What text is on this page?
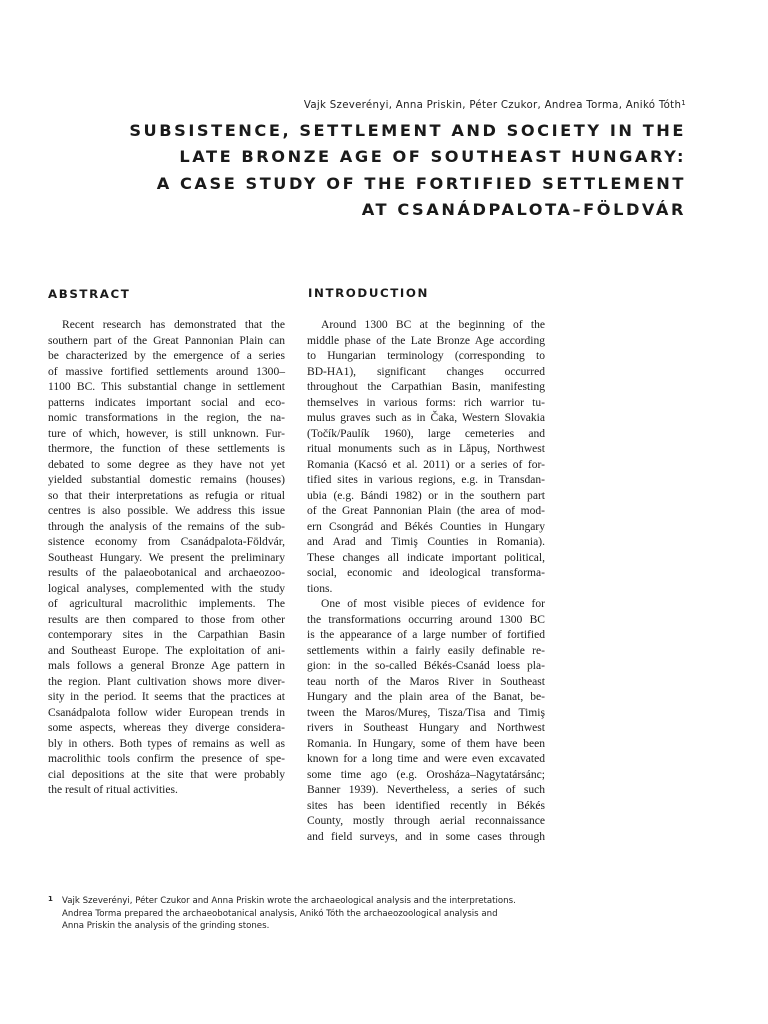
Vajk Szeverényi, Anna Priskin, Péter Czukor, Andrea Torma, Anikó Tóth$^1$
SUBSISTENCE, SETTLEMENT AND SOCIETY IN THE
LATE BRONZE AGE OF SOUTHEAST HUNGARY:
A CASE STUDY OF THE FORTIFIED SETTLEMENT
AT CSANÁDPALOTA–FÖLDVÁR
ABSTRACT	INTRODUCTION
Recent research has demonstrated that the
southern part of the Great Pannonian Plain can
be characterized by the emergence of a series
of massive fortified settlements around 1300–
1100 BC. This substantial change in settlement
patterns indicates important social and eco-
nomic transformations in the region, the na-
ture of which, however, is still unknown. Fur-
thermore, the function of these settlements is
debated to some degree as they have not yet
yielded substantial domestic remains (houses)
so that their interpretations as refugia or ritual
centres is also possible. We address this issue
through the analysis of the remains of the sub-
sistence economy from Csanádpalota-Földvár,
Southeast Hungary. We present the preliminary
results of the palaeobotanical and archaeozoo-
logical analyses, complemented with the study
of agricultural macrolithic implements. The
results are then compared to those from other
contemporary sites in the Carpathian Basin
and Southeast Europe. The exploitation of ani-
mals follows a general Bronze Age pattern in
the region. Plant cultivation shows more diver-
sity in the period. It seems that the practices at
Csanádpalota follow wider European trends in
some aspects, whereas they diverge considera-
bly in others. Both types of remains as well as
macrolithic tools confirm the presence of spe-
cial depositions at the site that were probably
the result of ritual activities.
Around 1300 BC at the beginning of the
middle phase of the Late Bronze Age according
to Hungarian terminology (corresponding to
BD-HA1), significant changes occurred
throughout the Carpathian Basin, manifesting
themselves in various forms: rich warrior tu-
mulus graves such as in Čaka, Western Slovakia
(Točík/Paulík 1960), large cemeteries and
ritual monuments such as in Lăpuş, Northwest
Romania (Kacsó et al. 2011) or a series of for-
tified sites in various regions, e.g. in Transdan-
ubia (e.g. Bándi 1982) or in the southern part
of the Great Pannonian Plain (the area of mod-
ern Csongrád and Békés Counties in Hungary
and Arad and Timiş Counties in Romania).
These changes all indicate important political,
social, economic and ideological transforma-
tions.
One of most visible pieces of evidence for
the transformations occurring around 1300 BC
is the appearance of a large number of fortified
settlements within a fairly easily definable re-
gion: in the so-called Békés-Csanád loess pla-
teau north of the Maros River in Southeast
Hungary and the plain area of the Banat, be-
tween the Maros/Mureș, Tisza/Tisa and Timiş
rivers in Southeast Hungary and Northwest
Romania. In Hungary, some of them have been
known for a long time and were even excavated
some time ago (e.g. Orosháza–Nagytatársánc;
Banner 1939). Nevertheless, a series of such
sites has been identified recently in Békés
County, mostly through aerial reconnaissance
and field surveys, and in some cases through
1 Vajk Szeverényi, Péter Czukor and Anna Priskin wrote the archaeological analysis and the interpretations.
Andrea Torma prepared the archaeobotanical analysis, Anikó Tóth the archaeozoological analysis and
Anna Priskin the analysis of the grinding stones.
